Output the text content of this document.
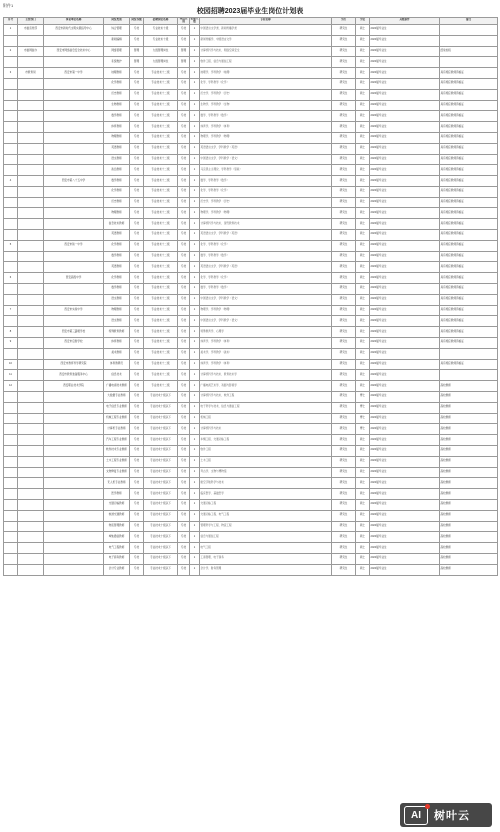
附件1
校园招聘2023届毕业生岗位计划表
序号	主管部门	事业单位名称	岗位类别	岗位等级	招聘岗位名称	岗位类别	招聘人数	专业名称	学历	学位	其他条件	备注
1	市委宣传部	西安市新时代文明实践指导中心	综合管理	专技	专业技术十级	专技	1	中国语言文学类、新闻传播学类	研究生	硕士	2023届毕业生	
			新闻编辑	专技	专业技术十级	专技	1	新闻传播学、中国语言文学	研究生	硕士	2023届毕业生	
2	市委网信办	西安市网络信息安全技术中心	网络管理	管理	九级管理岗位	管理	1	计算机科学与技术、网络空间安全	研究生	硕士	2023届毕业生	经常加班
			系统维护	管理	九级管理岗位	管理	1	软件工程、信息与通信工程	研究生	硕士	2023届毕业生	
3	市教育局	西安市第一中学	地理教师	专技	专业技术十二级	专技	1	地理学、学科教学（地理）	研究生	硕士	2023届毕业生	具有相应教师资格证
			化学教师	专技	专业技术十二级	专技	1	化学、学科教学（化学）	研究生	硕士	2023届毕业生	具有相应教师资格证
			历史教师	专技	专业技术十二级	专技	1	历史学、学科教学（历史）	研究生	硕士	2023届毕业生	具有相应教师资格证
			生物教师	专技	专业技术十二级	专技	1	生物学、学科教学（生物）	研究生	硕士	2023届毕业生	具有相应教师资格证
			数学教师	专技	专业技术十二级	专技	1	数学、学科教学（数学）	研究生	硕士	2023届毕业生	具有相应教师资格证
			体育教师	专技	专业技术十二级	专技	1	体育学、学科教学（体育）	研究生	硕士	2023届毕业生	具有相应教师资格证
			物理教师	专技	专业技术十二级	专技	1	物理学、学科教学（物理）	研究生	硕士	2023届毕业生	具有相应教师资格证
			英语教师	专技	专业技术十二级	专技	1	英语语言文学、学科教学（英语）	研究生	硕士	2023届毕业生	具有相应教师资格证
			语文教师	专技	专业技术十二级	专技	1	中国语言文学、学科教学（语文）	研究生	硕士	2023届毕业生	具有相应教师资格证
			政治教师	专技	专业技术十二级	专技	1	马克思主义理论、学科教学（思政）	研究生	硕士	2023届毕业生	具有相应教师资格证
4		西安市第八十五中学	数学教师	专技	专业技术十二级	专技	1	数学、学科教学（数学）	研究生	硕士	2023届毕业生	具有相应教师资格证
			化学教师	专技	专业技术十二级	专技	1	化学、学科教学（化学）	研究生	硕士	2023届毕业生	具有相应教师资格证
			历史教师	专技	专业技术十二级	专技	1	历史学、学科教学（历史）	研究生	硕士	2023届毕业生	具有相应教师资格证
			物理教师	专技	专业技术十二级	专技	1	物理学、学科教学（物理）	研究生	硕士	2023届毕业生	具有相应教师资格证
			信息技术教师	专技	专业技术十二级	专技	1	计算机科学与技术、现代教育技术	研究生	硕士	2023届毕业生	具有相应教师资格证
			英语教师	专技	专业技术十二级	专技	1	英语语言文学、学科教学（英语）	研究生	硕士	2023届毕业生	具有相应教师资格证
5		西安市铁一中学	化学教师	专技	专业技术十二级	专技	1	化学、学科教学（化学）	研究生	硕士	2023届毕业生	具有相应教师资格证
			数学教师	专技	专业技术十二级	专技	1	数学、学科教学（数学）	研究生	硕士	2023届毕业生	具有相应教师资格证
			英语教师	专技	专业技术十二级	专技	1	英语语言文学、学科教学（英语）	研究生	硕士	2023届毕业生	具有相应教师资格证
6		西安高级中学	化学教师	专技	专业技术十二级	专技	1	化学、学科教学（化学）	研究生	硕士	2023届毕业生	具有相应教师资格证
			数学教师	专技	专业技术十二级	专技	1	数学、学科教学（数学）	研究生	硕士	2023届毕业生	具有相应教师资格证
			语文教师	专技	专业技术十二级	专技	1	中国语言文学、学科教学（语文）	研究生	硕士	2023届毕业生	具有相应教师资格证
7		西安市实验中学	物理教师	专技	专业技术十二级	专技	1	物理学、学科教学（物理）	研究生	硕士	2023届毕业生	具有相应教师资格证
			语文教师	专技	专业技术十二级	专技	1	中国语言文学、学科教学（语文）	研究生	硕士	2023届毕业生	具有相应教师资格证
8		西安市第三聋哑学校	特殊教育教师	专技	专业技术十二级	专技	1	特殊教育学、心理学	研究生	硕士	2023届毕业生	具有相应教师资格证
9		西安市启智学校	体育教师	专技	专业技术十二级	专技	1	体育学、学科教学（体育）	研究生	硕士	2023届毕业生	具有相应教师资格证
			美术教师	专技	专业技术十二级	专技	1	美术学、学科教学（美术）	研究生	硕士	2023届毕业生	
10		西安市教育科学研究院	体育教研员	专技	专业技术十二级	专技	1	体育学、学科教学（体育）	研究生	硕士	2023届毕业生	具有相应教师资格证
11		西安市教育装备服务中心	信息技术	专技	专业技术十二级	专技	1	计算机科学与技术、教育技术学	研究生	硕士	2023届毕业生	
12		西安职业技术学院	广播电视技术教师	专技	专业技术十二级	专技	1	广播电视艺术学、戏剧与影视学	研究生	硕士	2023届毕业生	高校教师
			大数据专业教师	专技	专业技术十级以下	专技	1	计算机科学与技术、软件工程	研究生	博士	2023届毕业生	高校教师
			电子信息专业教师	专技	专业技术十级以下	专技	1	电子科学与技术、信息与通信工程	研究生	博士	2023届毕业生	高校教师
			机械工程专业教师	专技	专业技术十级以下	专技	1	机械工程	研究生	博士	2023届毕业生	高校教师
			计算机专业教师	专技	专业技术十级以下	专技	1	计算机科学与技术	研究生	博士	2023届毕业生	高校教师
			汽车工程专业教师	专技	专业技术十级以下	专技	1	车辆工程、交通运输工程	研究生	硕士	2023届毕业生	高校教师
			软件技术专业教师	专技	专业技术十级以下	专技	1	软件工程	研究生	硕士	2023届毕业生	高校教师
			土木工程专业教师	专技	专业技术十级以下	专技	1	土木工程	研究生	硕士	2023届毕业生	高校教师
			文物修复专业教师	专技	专业技术十级以下	专技	1	考古学、文物与博物馆	研究生	硕士	2023届毕业生	高校教师
			无人机专业教师	专技	专业技术十级以下	专技	1	航空宇航科学与技术	研究生	硕士	2023届毕业生	高校教师
			医学教师	专技	专业技术十级以下	专技	1	临床医学、基础医学	研究生	硕士	2023届毕业生	高校教师
			交通运输教师	专技	专业技术十级以下	专技	1	交通运输工程	研究生	硕士	2023届毕业生	高校教师
			轨道交通教师	专技	专业技术十级以下	专技	1	交通运输工程、电气工程	研究生	硕士	2023届毕业生	高校教师
			物流管理教师	专技	专业技术十级以下	专技	1	管理科学与工程、物流工程	研究生	硕士	2023届毕业生	高校教师
			城轨通信教师	专技	专业技术十级以下	专技	1	信息与通信工程	研究生	硕士	2023届毕业生	高校教师
			电气工程教师	专技	专业技术十级以下	专技	1	电气工程	研究生	硕士	2023届毕业生	高校教师
			电子商务教师	专技	专业技术十级以下	专技	1	工商管理、电子商务	研究生	硕士	2023届毕业生	高校教师
			会计专业教师	专技	专业技术十级以下	专技	1	会计学、财务管理	研究生	硕士	2023届毕业生	高校教师
AI 树叶云
